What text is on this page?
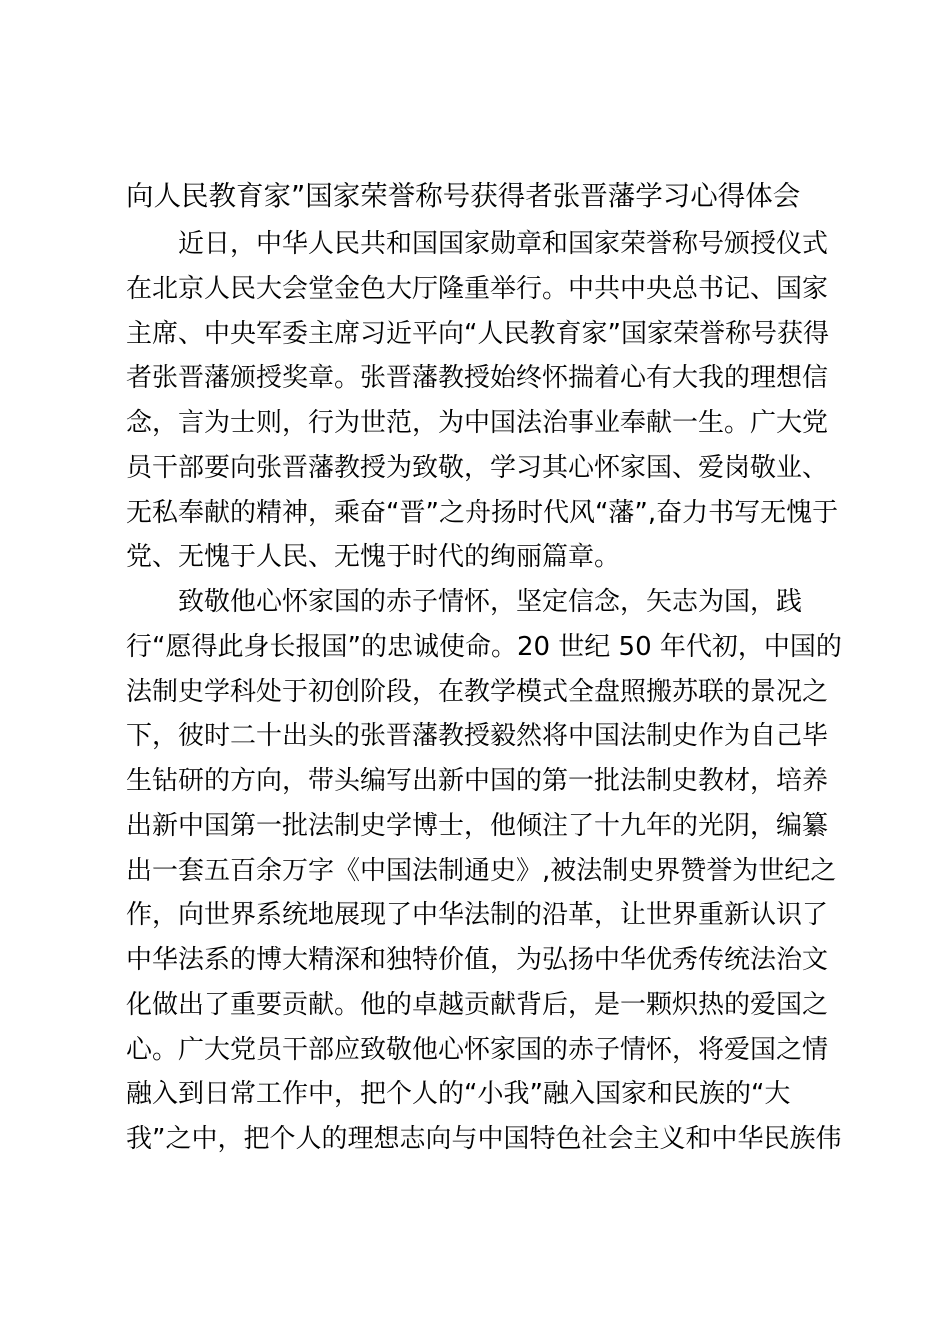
向人民教育家”国家荣誉称号获得者张晋藩学习心得体会
近日，中华人民共和国国家勋章和国家荣誉称号颁授仪式
在北京人民大会堂金色大厅隆重举行。中共中央总书记、国家
主席、中央军委主席习近平向“人民教育家”国家荣誉称号获得
者张晋藩颁授奖章。张晋藩教授始终怀揣着心有大我的理想信
念，言为士则，行为世范，为中国法治事业奉献一生。广大党
员干部要向张晋藩教授为致敬，学习其心怀家国、爱岗敬业、
无私奉献的精神，乘奋“晋”之舟扬时代风“藩”,奋力书写无愧于
党、无愧于人民、无愧于时代的绚丽篇章。
致敬他心怀家国的赤子情怀，坚定信念，矢志为国，践
行“愿得此身长报国”的忠诚使命。20 世纪 50 年代初，中国的
法制史学科处于初创阶段，在教学模式全盘照搬苏联的景况之
下，彼时二十出头的张晋藩教授毅然将中国法制史作为自己毕
生钻研的方向，带头编写出新中国的第一批法制史教材，培养
出新中国第一批法制史学博士，他倾注了十九年的光阴，编纂
出一套五百余万字《中国法制通史》,被法制史界赞誉为世纪之
作，向世界系统地展现了中华法制的沿革，让世界重新认识了
中华法系的博大精深和独特价值，为弘扬中华优秀传统法治文
化做出了重要贡献。他的卓越贡献背后，是一颗炽热的爱国之
心。广大党员干部应致敬他心怀家国的赤子情怀，将爱国之情
融入到日常工作中，把个人的“小我”融入国家和民族的“大
我”之中，把个人的理想志向与中国特色社会主义和中华民族伟
